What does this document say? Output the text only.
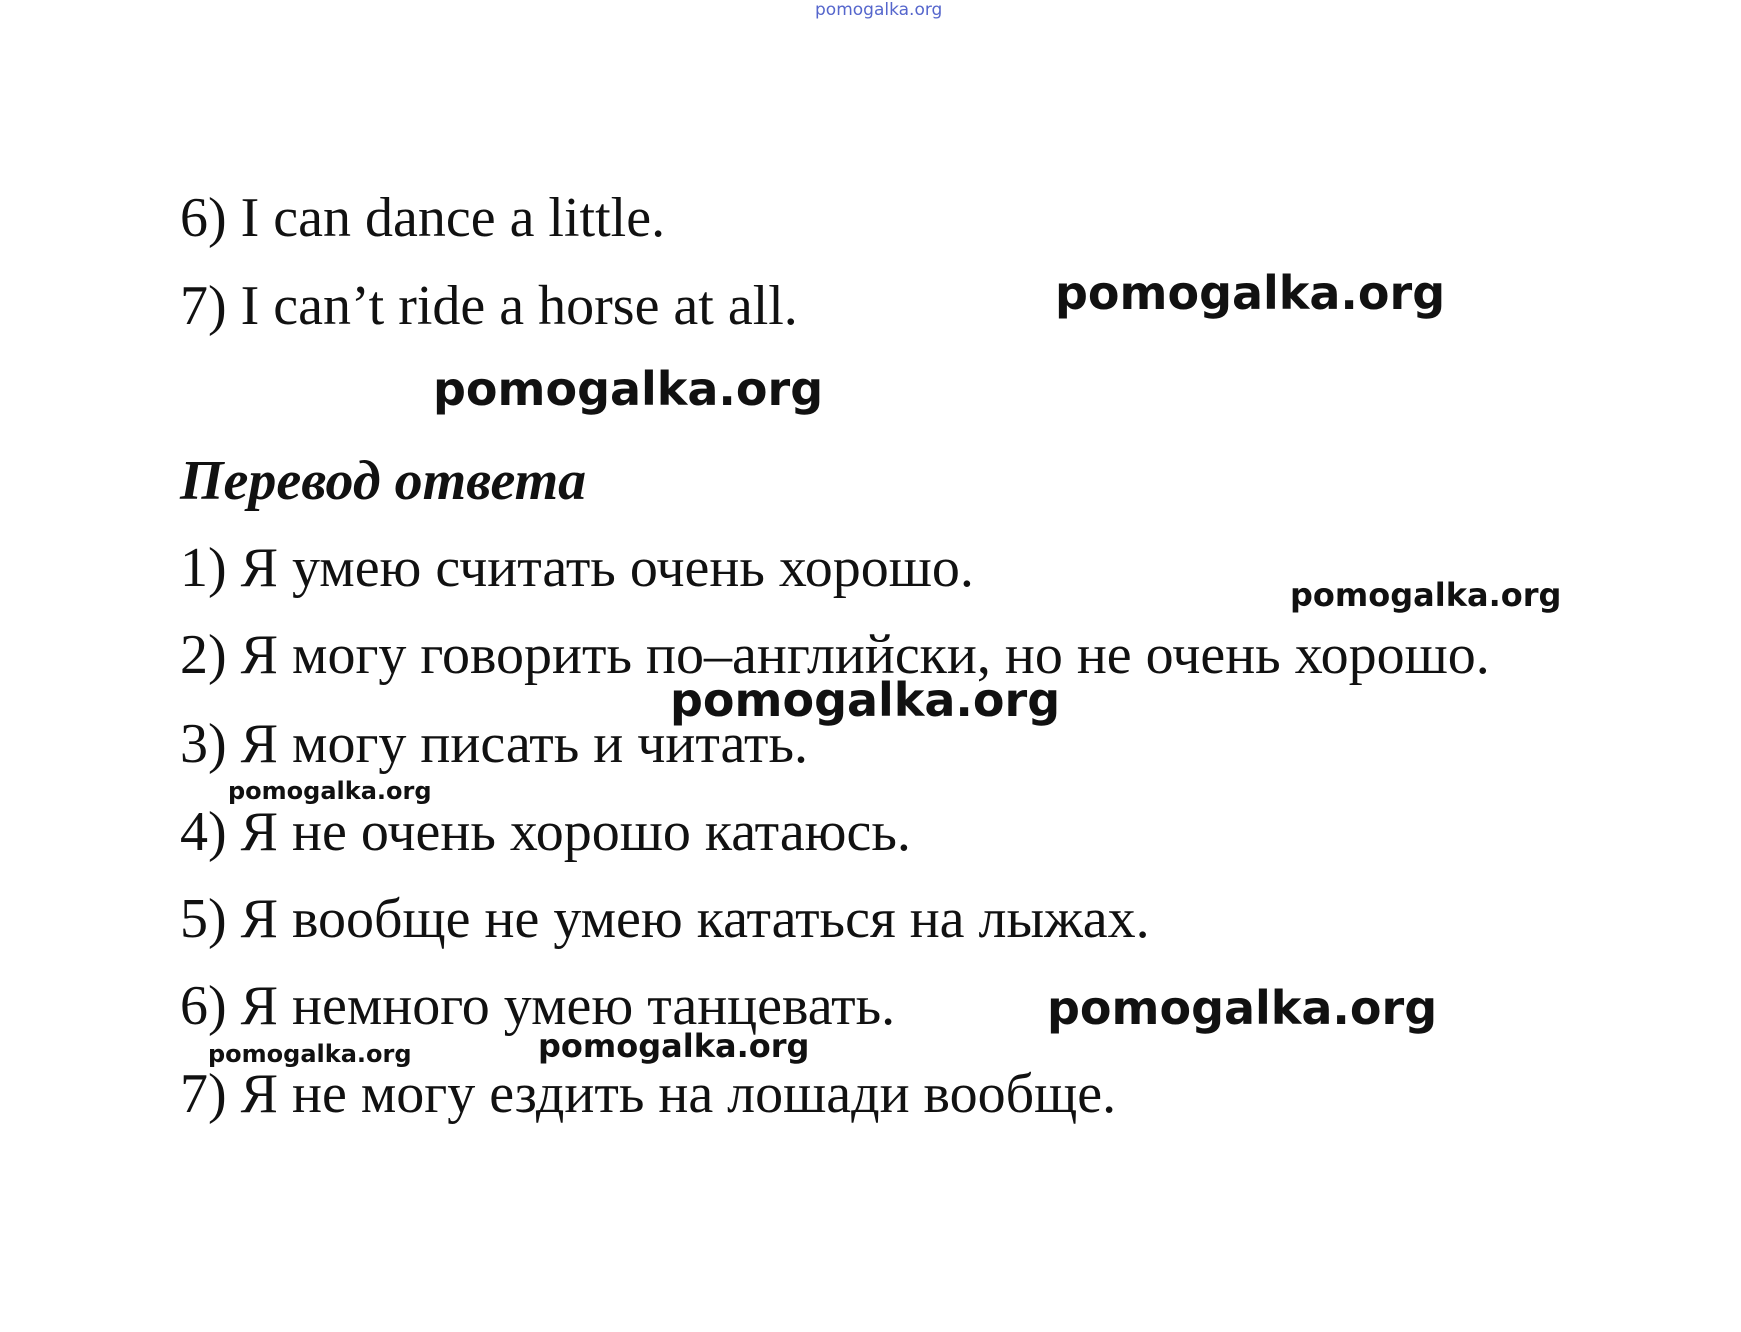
pomogalka.org
6) I can dance a little.
7) I can’t ride a horse at all.
Перевод ответа
1) Я умею считать очень хорошо.
2) Я могу говорить по–английски, но не очень хорошо.
3) Я могу писать и читать.
4) Я не очень хорошо катаюсь.
5) Я вообще не умею кататься на лыжах.
6) Я немного умею танцевать.
7) Я не могу ездить на лошади вообще.
pomogalka.org
pomogalka.org
pomogalka.org
pomogalka.org
pomogalka.org
pomogalka.org
pomogalka.org
pomogalka.org
